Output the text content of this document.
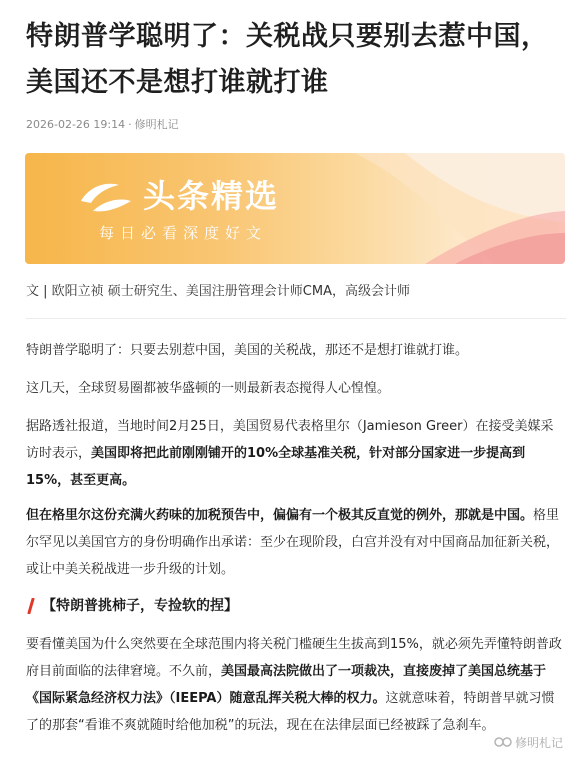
特朗普学聪明了：关税战只要别去惹中国，美国还不是想打谁就打谁
2026-02-26 19:14 · 修明札记
头条精选
每日必看深度好文
文 | 欧阳立祯 硕士研究生、美国注册管理会计师CMA，高级会计师

特朗普学聪明了：只要去别惹中国，美国的关税战，那还不是想打谁就打谁。

这几天，全球贸易圈都被华盛顿的一则最新表态搅得人心惶惶。

据路透社报道，当地时间2月25日，美国贸易代表格里尔（Jamieson Greer）在接受美媒采访时表示，美国即将把此前刚刚铺开的10%全球基准关税，针对部分国家进一步提高到15%，甚至更高。

但在格里尔这份充满火药味的加税预告中，偏偏有一个极其反直觉的例外，那就是中国。格里尔罕见以美国官方的身份明确作出承诺：至少在现阶段，白宫并没有对中国商品加征新关税，或让中美关税战进一步升级的计划。

【特朗普挑柿子，专捡软的捏】

要看懂美国为什么突然要在全球范围内将关税门槛硬生生拔高到15%，就必须先弄懂特朗普政府目前面临的法律窘境。不久前，美国最高法院做出了一项裁决，直接废掉了美国总统基于《国际紧急经济权力法》（IEEPA）随意乱挥关税大棒的权力。这就意味着，特朗普早就习惯了的那套“看谁不爽就随时给他加税”的玩法，现在在法律层面已经被踩了急刹车。

修明札记
